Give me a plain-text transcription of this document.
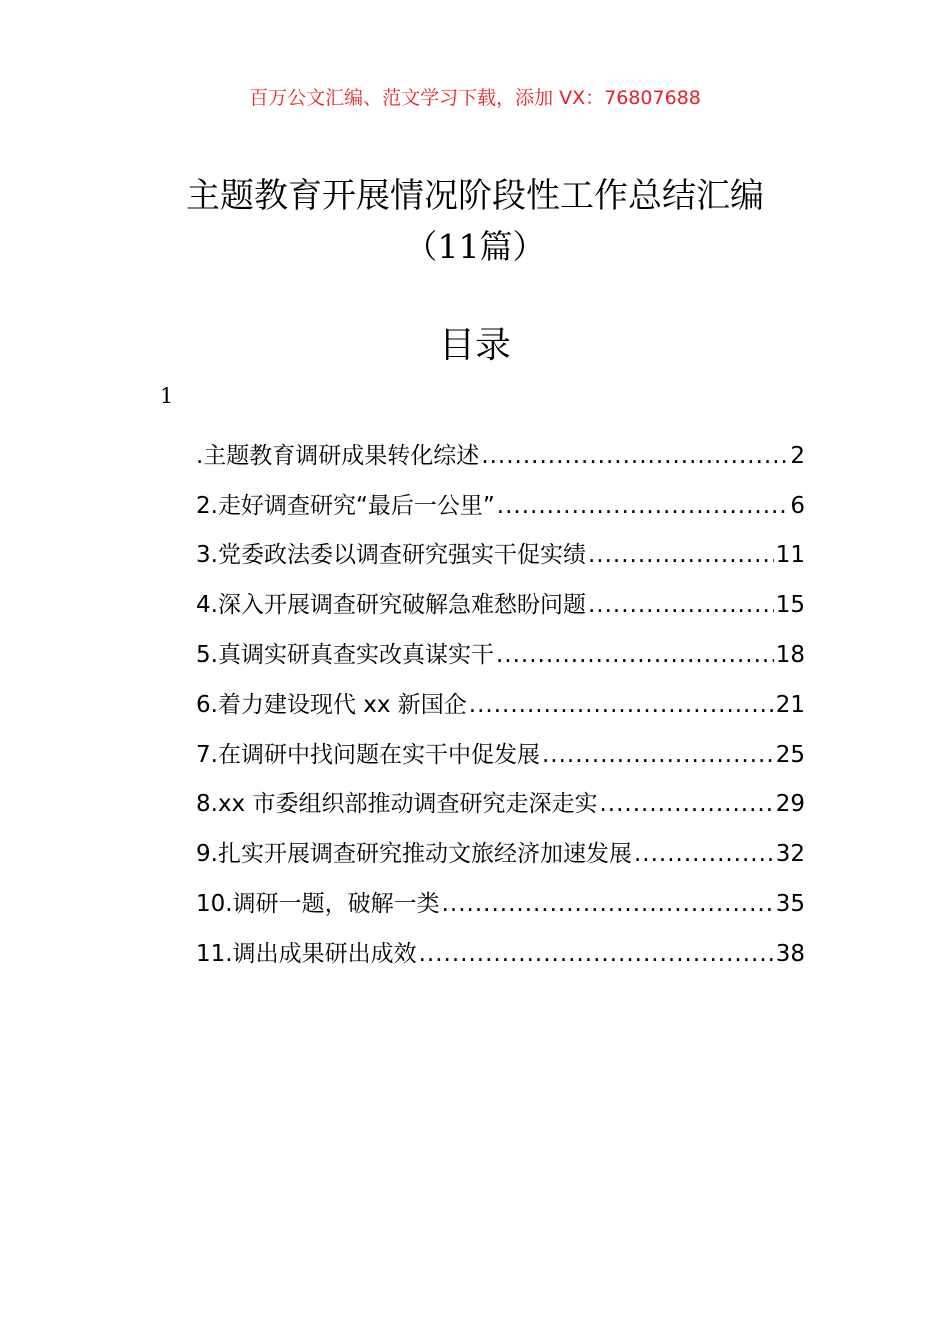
百万公文汇编、范文学习下载，添加 VX：76807688
主题教育开展情况阶段性工作总结汇编
（11篇）
目录
1
.主题教育调研成果转化综述 .....	2
2.走好调查研究“最后一公里” .....	6
3.党委政法委以调查研究强实干促实绩 .....	11
4.深入开展调查研究破解急难愁盼问题 .....	15
5.真调实研真查实改真谋实干 .....	18
6.着力建设现代 xx 新国企 .....	21
7.在调研中找问题在实干中促发展 .....	25
8.xx 市委组织部推动调查研究走深走实 .....	29
9.扎实开展调查研究推动文旅经济加速发展 .....	32
10.调研一题，破解一类 .....	35
11.调出成果研出成效 .....	38
